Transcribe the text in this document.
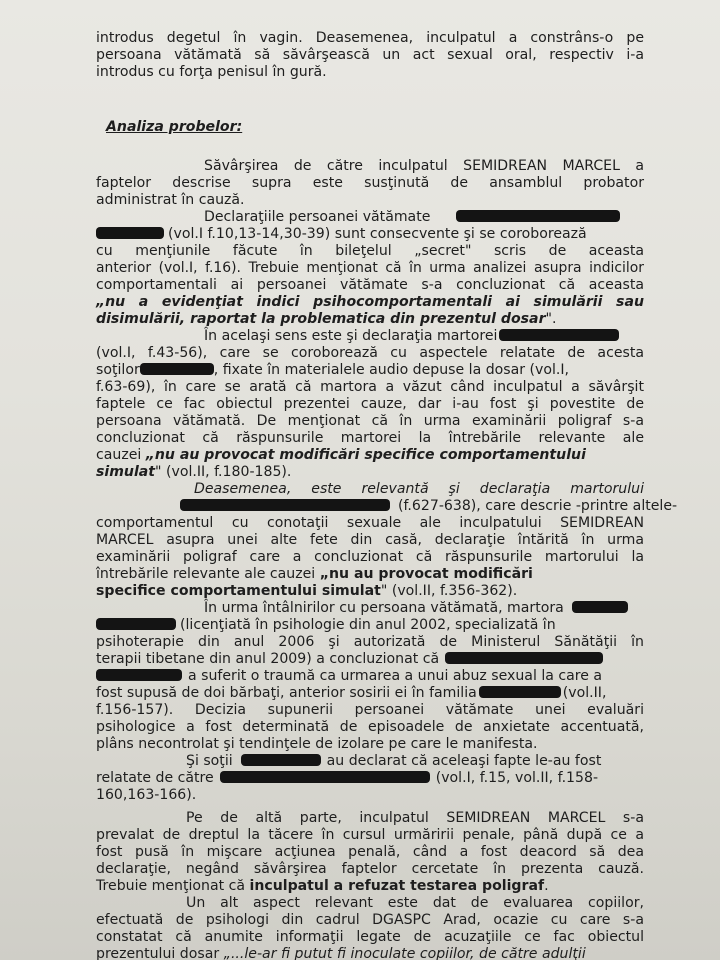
introdus degetul în vagin. Deasemenea, inculpatul a constrâns-o pe
persoana vătămată să săvârşească un act sexual oral, respectiv i-a
introdus cu forţa penisul în gură.
Analiza probelor:
Săvârşirea de către inculpatul SEMIDREAN MARCEL a
faptelor descrise supra este susţinută de ansamblul probator
administrat în cauză.
Declaraţiile persoanei vătămate
(vol.I f.10,13-14,30-39) sunt consecvente şi se coroborează
cu menţiunile făcute în bileţelul „secret" scris de aceasta
anterior (vol.I, f.16). Trebuie menţionat că în urma analizei asupra indicilor
comportamentali ai persoanei vătămate s-a concluzionat că aceasta
„nu a evidenţiat indici psihocomportamentali ai simulării sau
disimulării, raportat la problematica din prezentul dosar".
În acelaşi sens este şi declaraţia martorei
(vol.I, f.43-56), care se coroborează cu aspectele relatate de acesta
soţilor	, fixate în materialele audio depuse la dosar (vol.I,
f.63-69), în care se arată că martora a văzut când inculpatul a săvârşit
faptele ce fac obiectul prezentei cauze, dar i-au fost şi povestite de
persoana vătămată. De menţionat că în urma examinării poligraf s-a
concluzionat că răspunsurile martorei la întrebările relevante ale
cauzei „nu au provocat modificări specifice comportamentului
simulat" (vol.II, f.180-185).
Deasemenea, este relevantă şi declaraţia martorului
(f.627-638), care descrie -printre altele-
comportamentul cu conotaţii sexuale ale inculpatului SEMIDREAN
MARCEL asupra unei alte fete din casă, declaraţie întărită în urma
examinării poligraf care a concluzionat că răspunsurile martorului la
întrebările relevante ale cauzei „nu au provocat modificări
specifice comportamentului simulat" (vol.II, f.356-362).
În urma întâlnirilor cu persoana vătămată, martora
(licenţiată în psihologie din anul 2002, specializată în
psihoterapie din anul 2006 şi autorizată de Ministerul Sănătăţii în
terapii tibetane din anul 2009) a concluzionat că
a suferit o traumă ca urmarea a unui abuz sexual la care a
fost supusă de doi bărbaţi, anterior sosirii ei în familia	(vol.II,
f.156-157). Decizia supunerii persoanei vătămate unei evaluări
psihologice a fost determinată de episoadele de anxietate accentuată,
plâns necontrolat şi tendinţele de izolare pe care le manifesta.
Şi soţii	au declarat că aceleaşi fapte le-au fost
relatate de către	(vol.I, f.15, vol.II, f.158-
160,163-166).
Pe de altă parte, inculpatul SEMIDREAN MARCEL s-a
prevalat de dreptul la tăcere în cursul urmăririi penale, până după ce a
fost pusă în mişcare acţiunea penală, când a fost deacord să dea
declaraţie, negând săvârşirea faptelor cercetate în prezenta cauză.
Trebuie menţionat că inculpatul a refuzat testarea poligraf.
Un alt aspect relevant este dat de evaluarea copiilor,
efectuată de psihologi din cadrul DGASPC Arad, ocazie cu care s-a
constatat că anumite informaţii legate de acuzaţiile ce fac obiectul
prezentului dosar „...le-ar fi putut fi inoculate copiilor, de către adulţii
